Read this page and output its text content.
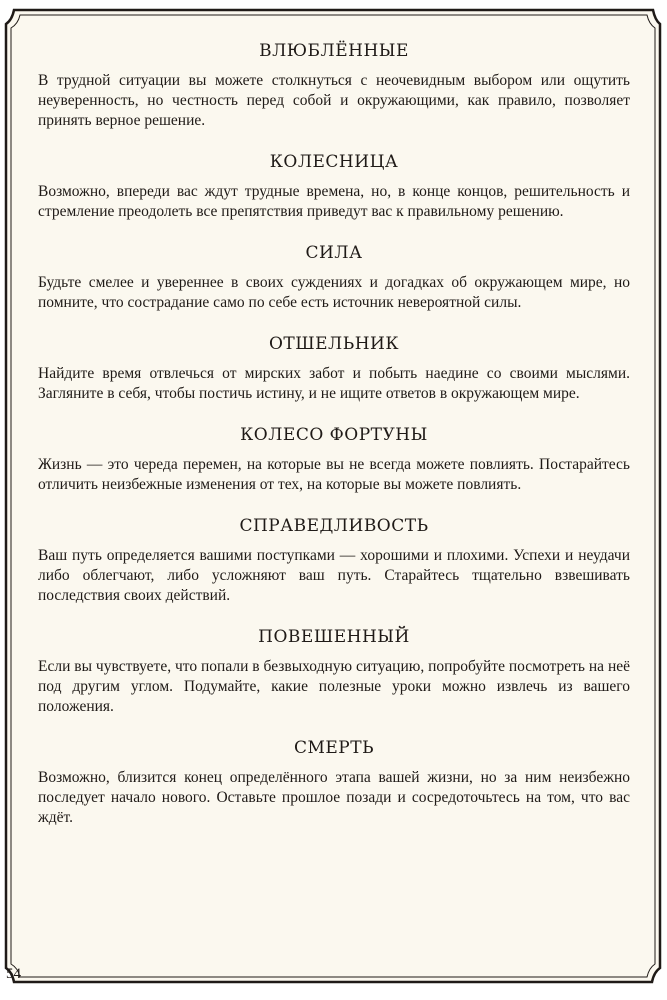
ВЛЮБЛЁННЫЕ

В трудной ситуации вы можете столкнуться с неочевидным выбором или ощутить неуверенность, но честность перед собой и окружающими, как правило, позволяет принять верное решение.

КОЛЕСНИЦА

Возможно, впереди вас ждут трудные времена, но, в конце концов, решительность и стремление преодолеть все препятствия приведут вас к правильному решению.

СИЛА

Будьте смелее и увереннее в своих суждениях и догадках об окружающем мире, но помните, что сострадание само по себе есть источник невероятной силы.

ОТШЕЛЬНИК

Найдите время отвлечься от мирских забот и побыть наедине со своими мыслями. Загляните в себя, чтобы постичь истину, и не ищите ответов в окружающем мире.

КОЛЕСО ФОРТУНЫ

Жизнь — это череда перемен, на которые вы не всегда можете повлиять. Постарайтесь отличить неизбежные изменения от тех, на которые вы можете повлиять.

СПРАВЕДЛИВОСТЬ

Ваш путь определяется вашими поступками — хорошими и плохими. Успехи и неудачи либо облегчают, либо усложняют ваш путь. Старайтесь тщательно взвешивать последствия своих действий.

ПОВЕШЕННЫЙ

Если вы чувствуете, что попали в безвыходную ситуацию, попробуйте посмотреть на неё под другим углом. Подумайте, какие полезные уроки можно извлечь из вашего положения.

СМЕРТЬ

Возможно, близится конец определённого этапа вашей жизни, но за ним неизбежно последует начало нового. Оставьте прошлое позади и сосредоточьтесь на том, что вас ждёт.

54
